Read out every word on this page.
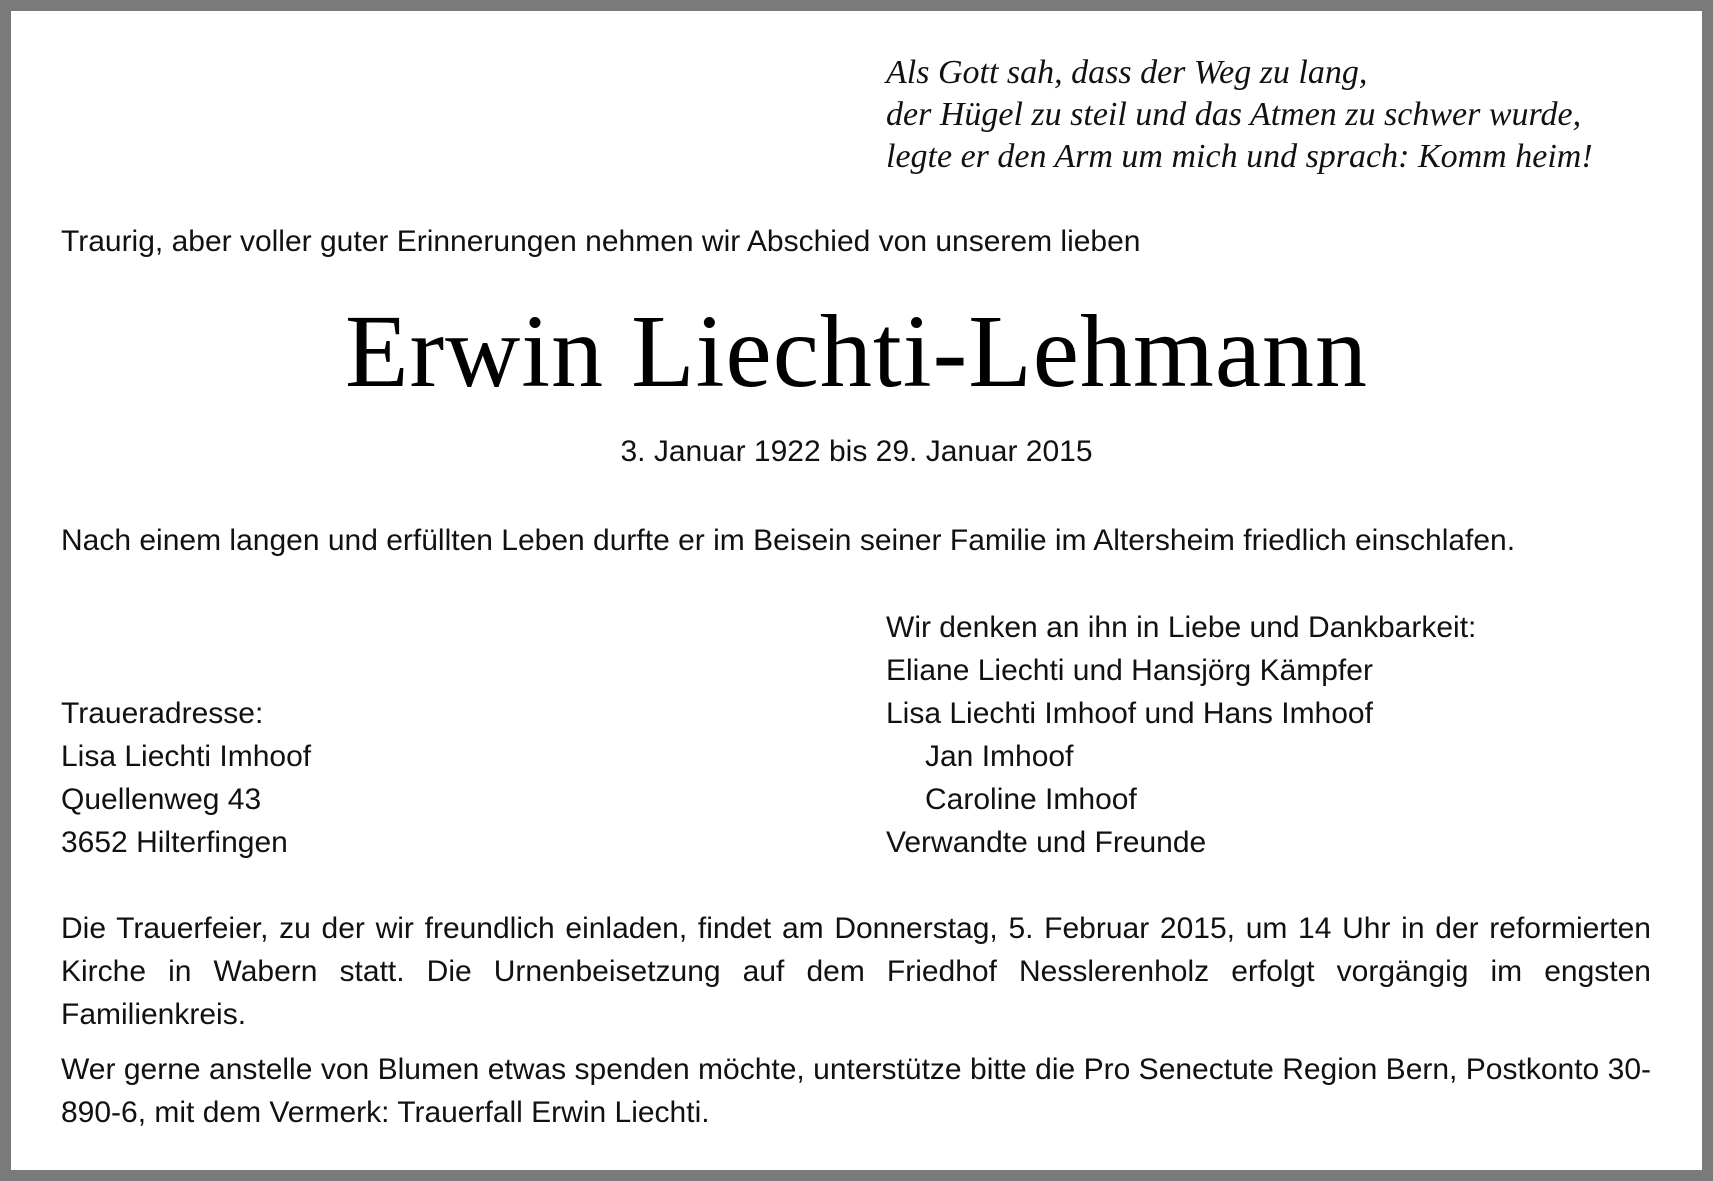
Als Gott sah, dass der Weg zu lang,
der Hügel zu steil und das Atmen zu schwer wurde,
legte er den Arm um mich und sprach: Komm heim!
Traurig, aber voller guter Erinnerungen nehmen wir Abschied von unserem lieben
Erwin Liechti-Lehmann
3. Januar 1922 bis 29. Januar 2015
Nach einem langen und erfüllten Leben durfte er im Beisein seiner Familie im Altersheim friedlich einschlafen.
Wir denken an ihn in Liebe und Dankbarkeit:
Eliane Liechti und Hansjörg Kämpfer
Lisa Liechti Imhoof und Hans Imhoof
Jan Imhoof
Caroline Imhoof
Verwandte und Freunde
Traueradresse:
Lisa Liechti Imhoof
Quellenweg 43
3652 Hilterfingen
Die Trauerfeier, zu der wir freundlich einladen, findet am Donnerstag, 5. Februar 2015, um 14 Uhr in der reformierten Kirche in Wabern statt. Die Urnenbeisetzung auf dem Friedhof Nesslerenholz erfolgt vorgängig im engsten Familienkreis.
Wer gerne anstelle von Blumen etwas spenden möchte, unterstütze bitte die Pro Senectute Region Bern, Postkonto 30-890-6, mit dem Vermerk: Trauerfall Erwin Liechti.
